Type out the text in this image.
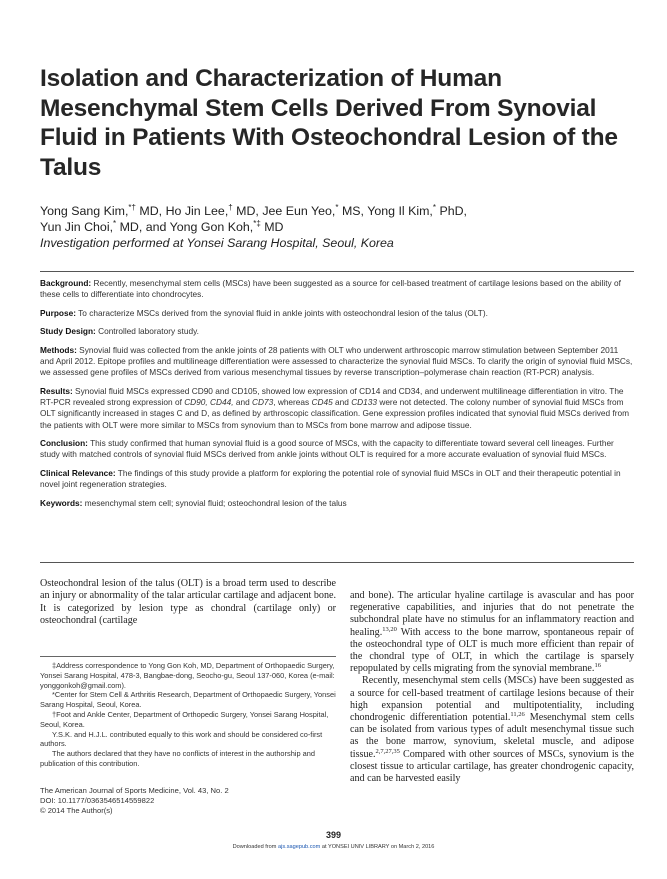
Isolation and Characterization of Human Mesenchymal Stem Cells Derived From Synovial Fluid in Patients With Osteochondral Lesion of the Talus
Yong Sang Kim,*† MD, Ho Jin Lee,† MD, Jee Eun Yeo,* MS, Yong Il Kim,* PhD,
Yun Jin Choi,* MD, and Yong Gon Koh,*‡ MD
Investigation performed at Yonsei Sarang Hospital, Seoul, Korea

Background: Recently, mesenchymal stem cells (MSCs) have been suggested as a source for cell-based treatment of cartilage lesions based on the ability of these cells to differentiate into chondrocytes.

Purpose: To characterize MSCs derived from the synovial fluid in ankle joints with osteochondral lesion of the talus (OLT).

Study Design: Controlled laboratory study.

Methods: Synovial fluid was collected from the ankle joints of 28 patients with OLT who underwent arthroscopic marrow stimulation between September 2011 and April 2012. Epitope profiles and multilineage differentiation were assessed to characterize the synovial fluid MSCs. To clarify the origin of synovial fluid MSCs, we assessed gene profiles of MSCs derived from various mesenchymal tissues by reverse transcription–polymerase chain reaction (RT-PCR) analysis.

Results: Synovial fluid MSCs expressed CD90 and CD105, showed low expression of CD14 and CD34, and underwent multilineage differentiation in vitro. The RT-PCR revealed strong expression of CD90, CD44, and CD73, whereas CD45 and CD133 were not detected. The colony number of synovial fluid MSCs from OLT significantly increased in stages C and D, as defined by arthroscopic classification. Gene expression profiles indicated that synovial fluid MSCs derived from the patients with OLT were more similar to MSCs from synovium than to MSCs from bone marrow and adipose tissue.

Conclusion: This study confirmed that human synovial fluid is a good source of MSCs, with the capacity to differentiate toward several cell lineages. Further study with matched controls of synovial fluid MSCs derived from ankle joints without OLT is required for a more accurate evaluation of synovial fluid MSCs.

Clinical Relevance: The findings of this study provide a platform for exploring the potential role of synovial fluid MSCs in OLT and their therapeutic potential in novel joint regeneration strategies.

Keywords: mesenchymal stem cell; synovial fluid; osteochondral lesion of the talus

Osteochondral lesion of the talus (OLT) is a broad term used to describe an injury or abnormality of the talar articular cartilage and adjacent bone. It is categorized by lesion type as chondral (cartilage only) or osteochondral (cartilage

‡Address correspondence to Yong Gon Koh, MD, Department of Orthopaedic Surgery, Yonsei Sarang Hospital, 478-3, Bangbae-dong, Seocho-gu, Seoul 137-060, Korea (e-mail: yonggonkoh@gmail.com).

*Center for Stem Cell & Arthritis Research, Department of Orthopaedic Surgery, Yonsei Sarang Hospital, Seoul, Korea.

†Foot and Ankle Center, Department of Orthopedic Surgery, Yonsei Sarang Hospital, Seoul, Korea.

Y.S.K. and H.J.L. contributed equally to this work and should be considered co-first authors.

The authors declared that they have no conflicts of interest in the authorship and publication of this contribution.

The American Journal of Sports Medicine, Vol. 43, No. 2
DOI: 10.1177/0363546514559822
© 2014 The Author(s)

and bone). The articular hyaline cartilage is avascular and has poor regenerative capabilities, and injuries that do not penetrate the subchondral plate have no stimulus for an inflammatory reaction and healing.$^{13,20}$ With access to the bone marrow, spontaneous repair of the osteochondral type of OLT is much more efficient than repair of the chondral type of OLT, in which the cartilage is sparsely repopulated by cells migrating from the synovial membrane.$^{16}$

Recently, mesenchymal stem cells (MSCs) have been suggested as a source for cell-based treatment of cartilage lesions because of their high expansion potential and multipotentiality, including chondrogenic differentiation potential.$^{11,26}$ Mesenchymal stem cells can be isolated from various types of adult mesenchymal tissue such as the bone marrow, synovium, skeletal muscle, and adipose tissue.$^{2,7,27,35}$ Compared with other sources of MSCs, synovium is the closest tissue to articular cartilage, has greater chondrogenic capacity, and can be harvested easily

399
Downloaded from ajs.sagepub.com at YONSEI UNIV LIBRARY on March 2, 2016
